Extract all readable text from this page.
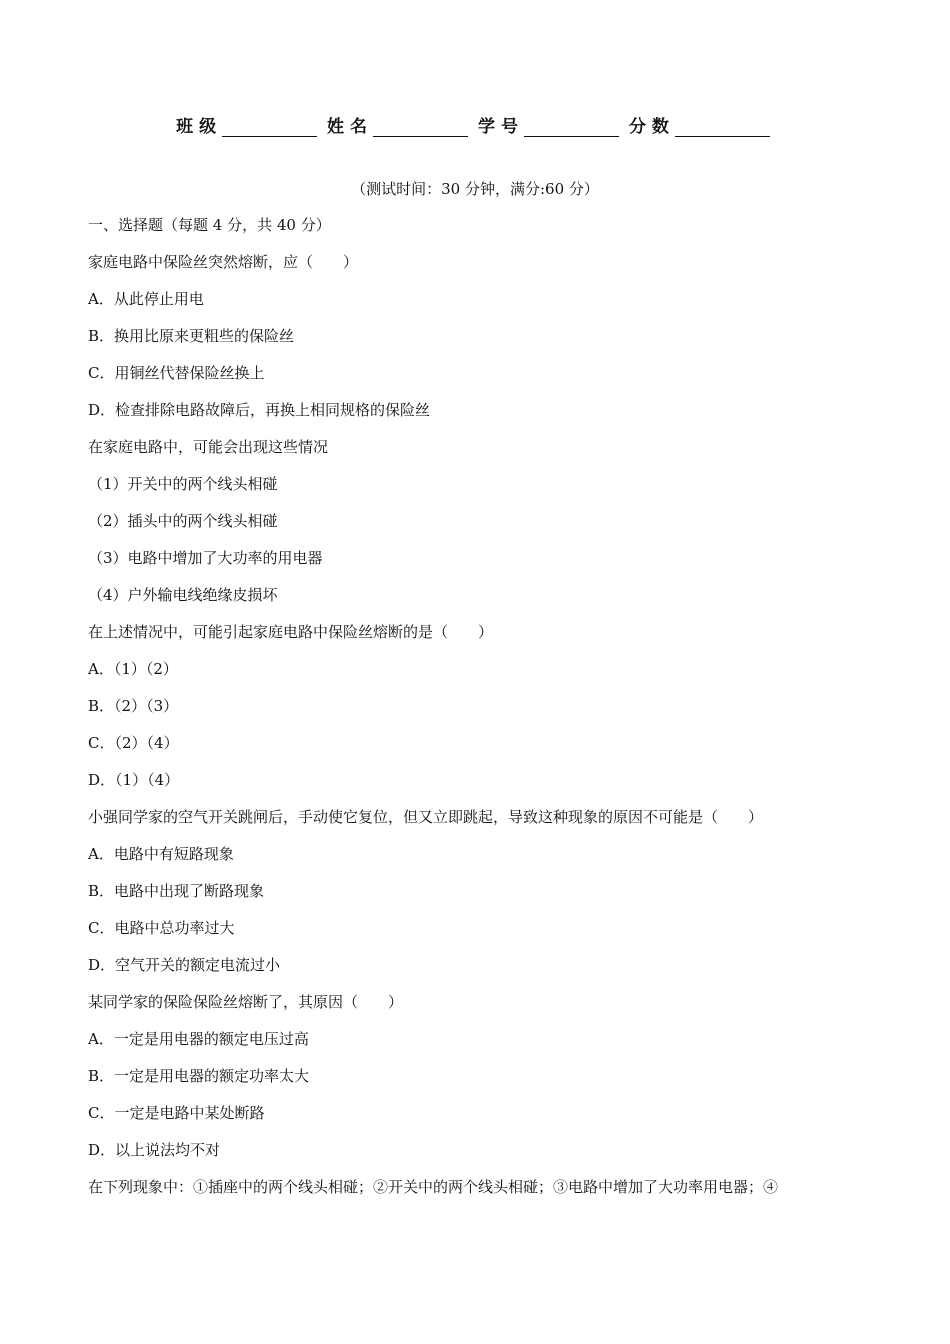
班级	姓名	学号	分数
（测试时间：30 分钟，满分:60 分）
一、选择题（每题 4 分，共 40 分）
家庭电路中保险丝突然熔断，应（　　）
A．从此停止用电
B．换用比原来更粗些的保险丝
C．用铜丝代替保险丝换上
D．检查排除电路故障后，再换上相同规格的保险丝
在家庭电路中，可能会出现这些情况
（1）开关中的两个线头相碰
（2）插头中的两个线头相碰
（3）电路中增加了大功率的用电器
（4）户外输电线绝缘皮损坏
在上述情况中，可能引起家庭电路中保险丝熔断的是（　　）
A．（1）（2）
B．（2）（3）
C．（2）（4）
D．（1）（4）
小强同学家的空气开关跳闸后，手动使它复位，但又立即跳起，导致这种现象的原因不可能是（　　）
A．电路中有短路现象
B．电路中出现了断路现象
C．电路中总功率过大
D．空气开关的额定电流过小
某同学家的保险保险丝熔断了，其原因（　　）
A．一定是用电器的额定电压过高
B．一定是用电器的额定功率太大
C．一定是电路中某处断路
D．以上说法均不对
在下列现象中：①插座中的两个线头相碰；②开关中的两个线头相碰；③电路中增加了大功率用电器；④
